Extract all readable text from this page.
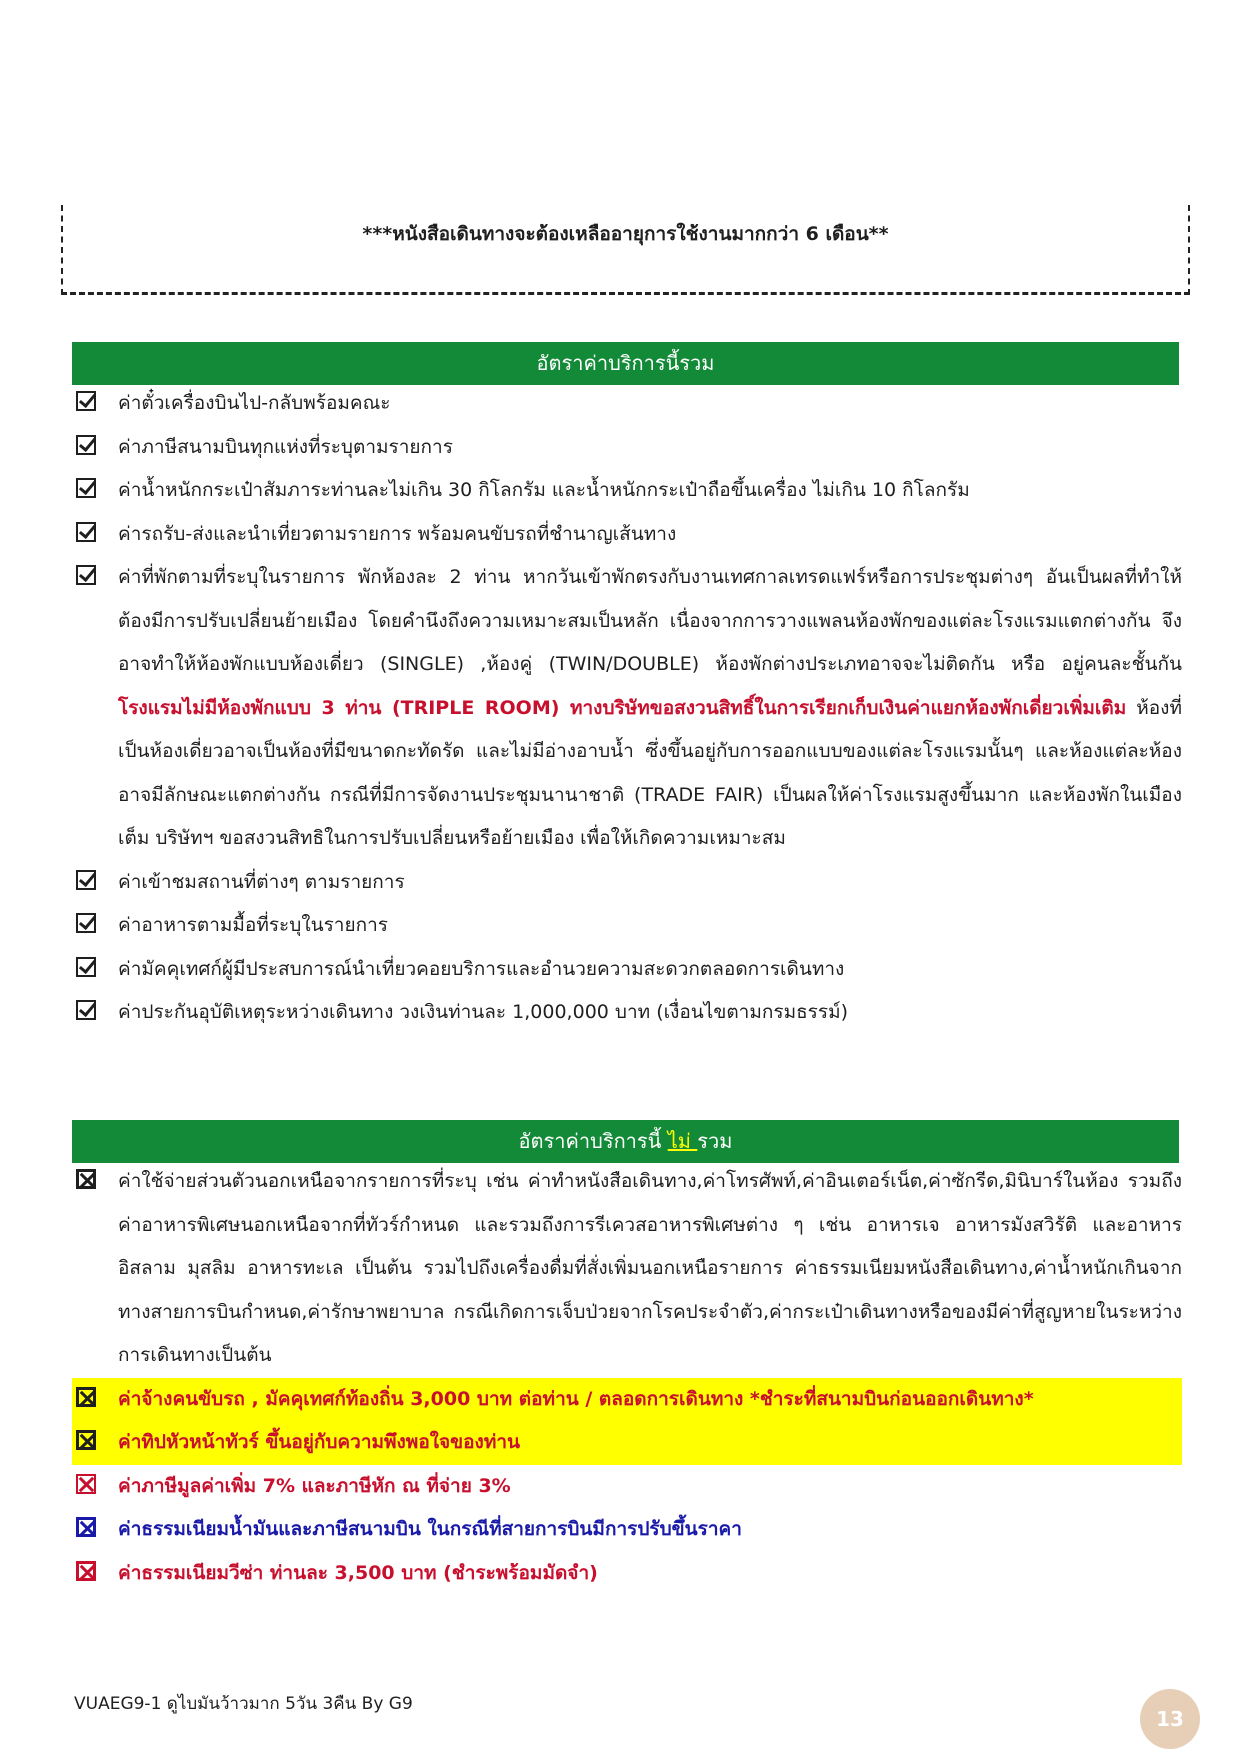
***หนังสือเดินทางจะต้องเหลืออายุการใช้งานมากกว่า 6 เดือน**
อัตราค่าบริการนี้รวม
ค่าตั๋วเครื่องบินไป-กลับพร้อมคณะ
ค่าภาษีสนามบินทุกแห่งที่ระบุตามรายการ
ค่าน้ำหนักกระเป๋าสัมภาระท่านละไม่เกิน 30 กิโลกรัม และน้ำหนักกระเป๋าถือขึ้นเครื่อง ไม่เกิน 10 กิโลกรัม
ค่ารถรับ-ส่งและนำเที่ยวตามรายการ พร้อมคนขับรถที่ชำนาญเส้นทาง
ค่าที่พักตามที่ระบุในรายการ พักห้องละ 2 ท่าน หากวันเข้าพักตรงกับงานเทศกาลเทรดแฟร์หรือการประชุมต่างๆ อันเป็นผลที่ทำให้ต้องมีการปรับเปลี่ยนย้ายเมือง โดยคำนึงถึงความเหมาะสมเป็นหลัก เนื่องจากการวางแพลนห้องพักของแต่ละโรงแรมแตกต่างกัน จึงอาจทำให้ห้องพักแบบห้องเดี่ยว (SINGLE) ,ห้องคู่ (TWIN/DOUBLE) ห้องพักต่างประเภทอาจจะไม่ติดกัน หรือ อยู่คนละชั้นกัน โรงแรมไม่มีห้องพักแบบ 3 ท่าน (TRIPLE ROOM) ทางบริษัทขอสงวนสิทธิ์ในการเรียกเก็บเงินค่าแยกห้องพักเดี่ยวเพิ่มเติม ห้องที่เป็นห้องเดี่ยวอาจเป็นห้องที่มีขนาดกะทัดรัด และไม่มีอ่างอาบน้ำ ซึ่งขึ้นอยู่กับการออกแบบของแต่ละโรงแรมนั้นๆ และห้องแต่ละห้องอาจมีลักษณะแตกต่างกัน กรณีที่มีการจัดงานประชุมนานาชาติ (TRADE FAIR) เป็นผลให้ค่าโรงแรมสูงขึ้นมาก และห้องพักในเมืองเต็ม บริษัทฯ ขอสงวนสิทธิในการปรับเปลี่ยนหรือย้ายเมือง เพื่อให้เกิดความเหมาะสม
ค่าเข้าชมสถานที่ต่างๆ ตามรายการ
ค่าอาหารตามมื้อที่ระบุในรายการ
ค่ามัคคุเทศก์ผู้มีประสบการณ์นำเที่ยวคอยบริการและอำนวยความสะดวกตลอดการเดินทาง
ค่าประกันอุบัติเหตุระหว่างเดินทาง วงเงินท่านละ 1,000,000 บาท (เงื่อนไขตามกรมธรรม์)
อัตราค่าบริการนี้ ไม่ รวม
ค่าใช้จ่ายส่วนตัวนอกเหนือจากรายการที่ระบุ เช่น ค่าทำหนังสือเดินทาง,ค่าโทรศัพท์,ค่าอินเตอร์เน็ต,ค่าซักรีด,มินิบาร์ในห้อง รวมถึงค่าอาหารพิเศษนอกเหนือจากที่ทัวร์กำหนด และรวมถึงการรีเควสอาหารพิเศษต่าง ๆ เช่น อาหารเจ อาหารมังสวิรัติ และอาหารอิสลาม มุสลิม อาหารทะเล เป็นต้น รวมไปถึงเครื่องดื่มที่สั่งเพิ่มนอกเหนือรายการ ค่าธรรมเนียมหนังสือเดินทาง,ค่าน้ำหนักเกินจากทางสายการบินกำหนด,ค่ารักษาพยาบาล กรณีเกิดการเจ็บป่วยจากโรคประจำตัว,ค่ากระเป๋าเดินทางหรือของมีค่าที่สูญหายในระหว่างการเดินทางเป็นต้น
ค่าจ้างคนขับรถ , มัคคุเทศก์ท้องถิ่น 3,000 บาท ต่อท่าน / ตลอดการเดินทาง *ชำระที่สนามบินก่อนออกเดินทาง*
ค่าทิปหัวหน้าทัวร์ ขึ้นอยู่กับความพึงพอใจของท่าน
ค่าภาษีมูลค่าเพิ่ม 7% และภาษีหัก ณ ที่จ่าย 3%
ค่าธรรมเนียมน้ำมันและภาษีสนามบิน ในกรณีที่สายการบินมีการปรับขึ้นราคา
ค่าธรรมเนียมวีซ่า ท่านละ 3,500 บาท (ชำระพร้อมมัดจำ)
VUAEG9-1 ดูไบมันว้าวมาก 5วัน 3คืน By G9
13
